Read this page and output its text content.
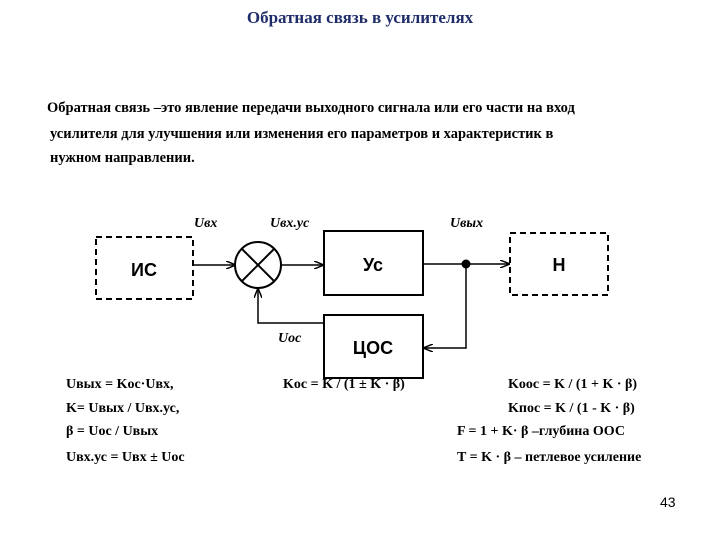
Обратная связь в усилителях
Обратная связь –это явление передачи выходного сигнала или его части на вход
усилителя для улучшения или изменения его параметров и характеристик в
нужном направлении.
ИС	Ус	Н
ЦОС
Uвх	Uвх.ус	Uвых
Uос
Uвых = Kос·Uвх,
K= Uвых / Uвх.ус,
β = Uос / Uвых
Uвх.ус = Uвх ± Uос
Kос = K / (1 ± K · β)	Kоос = K / (1 + K · β)
Kпос = K / (1 - K · β)
F = 1 + K· β –глубина ООС
T = K · β – петлевое усиление
43
